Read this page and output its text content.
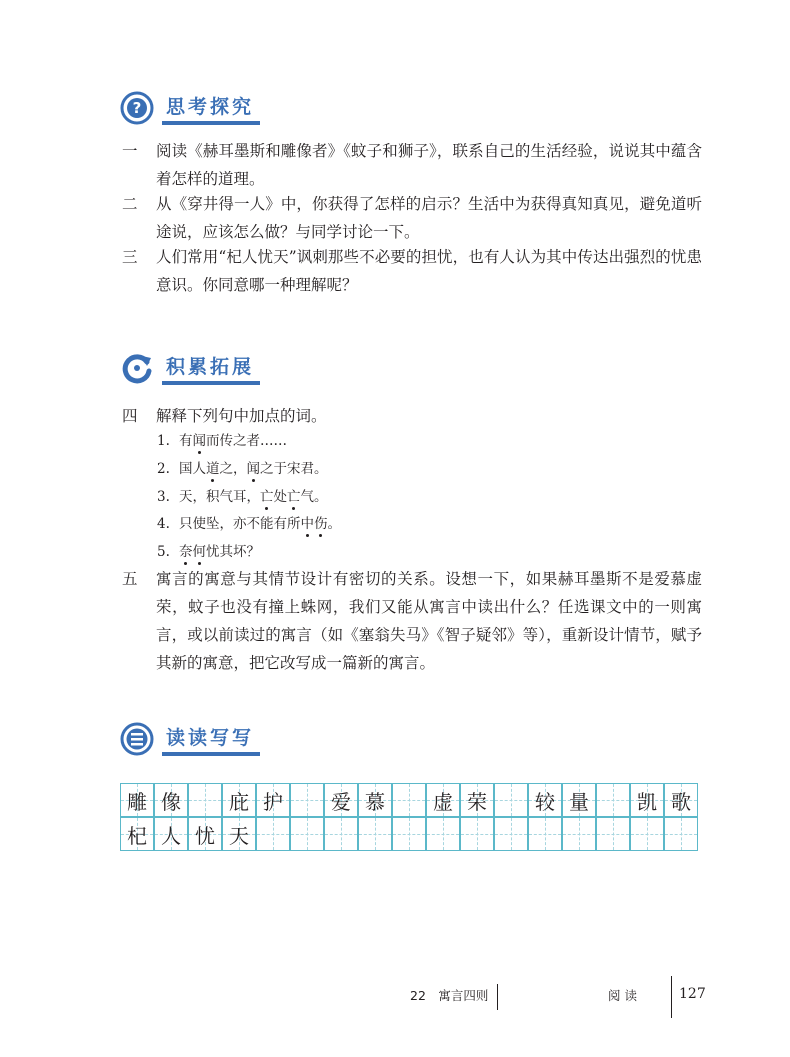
? 思考探究
一	阅读《赫耳墨斯和雕像者》《蚊子和狮子》，联系自己的生活经验，说说其中蕴含着怎样的道理。
二	从《穿井得一人》中，你获得了怎样的启示？生活中为获得真知真见，避免道听途说，应该怎么做？与同学讨论一下。
三	人们常用“杞人忧天”讽刺那些不必要的担忧，也有人认为其中传达出强烈的忧患意识。你同意哪一种理解呢？
积累拓展
四	解释下列句中加点的词。
1. 有闻而传之者……
2. 国人道之，闻之于宋君。
3. 天，积气耳，亡处亡气。
4. 只使坠，亦不能有所中伤。
5. 奈何忧其坏？
五	寓言的寓意与其情节设计有密切的关系。设想一下，如果赫耳墨斯不是爱慕虚荣，蚊子也没有撞上蛛网，我们又能从寓言中读出什么？任选课文中的一则寓言，或以前读过的寓言（如《塞翁失马》《智子疑邻》等），重新设计情节，赋予其新的寓意，把它改写成一篇新的寓言。
读读写写
雕 像	庇 护	爱 慕	虚 荣	较 量	凯 歌
杞 人 忧 天
22　寓言四则	阅 读	127
